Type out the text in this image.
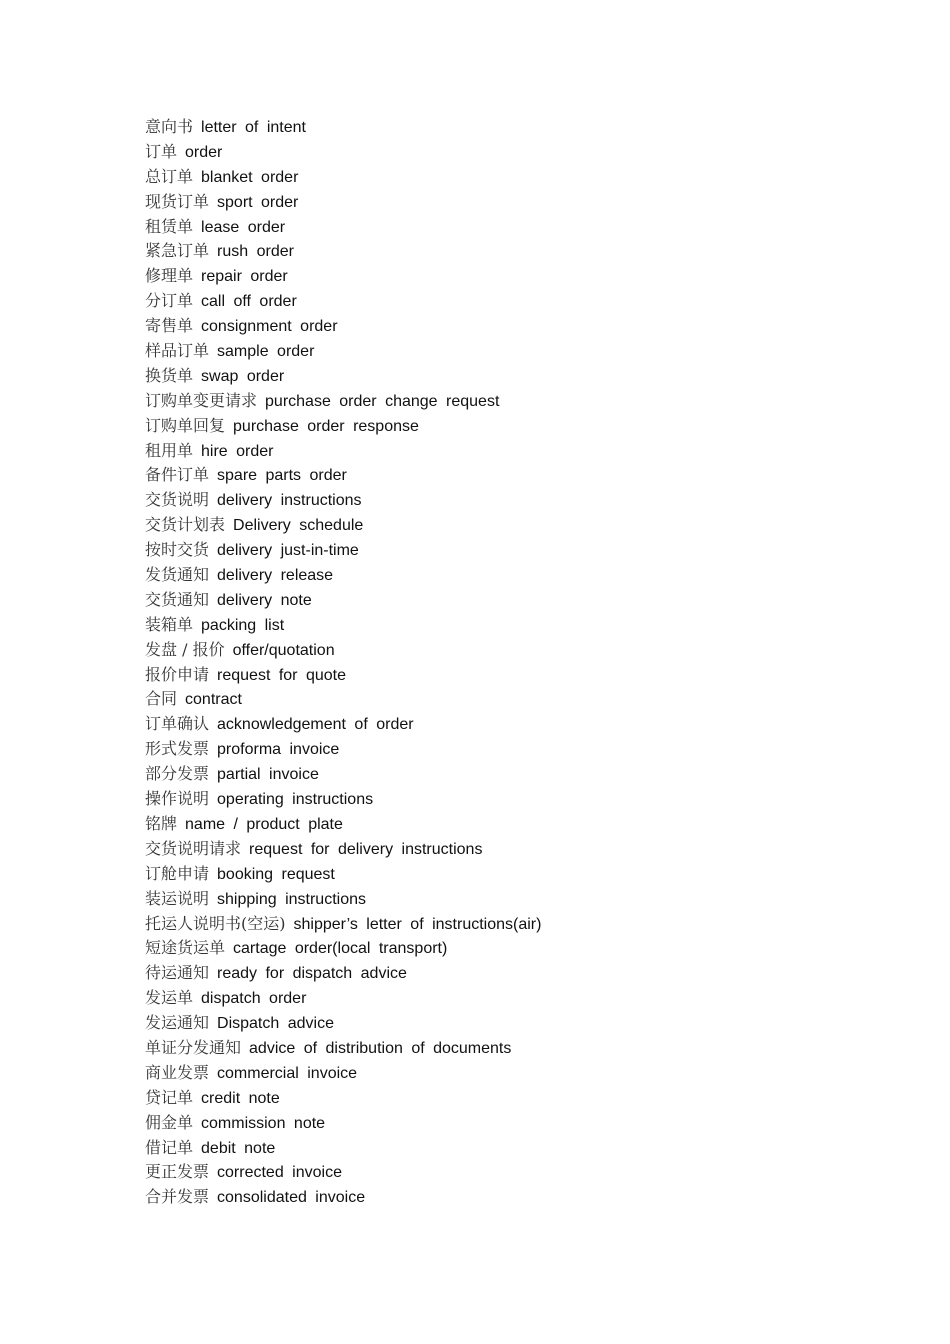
意向书 letter of intent
订单 order
总订单 blanket order
现货订单 sport order
租赁单 lease order
紧急订单 rush order
修理单 repair order
分订单 call off order
寄售单 consignment order
样品订单 sample order
换货单 swap order
订购单变更请求 purchase order change request
订购单回复 purchase order response
租用单 hire order
备件订单 spare parts order
交货说明 delivery instructions
交货计划表 Delivery schedule
按时交货 delivery just-in-time
发货通知 delivery release
交货通知 delivery note
装箱单 packing list
发盘 / 报价 offer/quotation
报价申请 request for quote
合同 contract
订单确认 acknowledgement of order
形式发票 proforma invoice
部分发票 partial invoice
操作说明 operating instructions
铭牌 name / product plate
交货说明请求 request for delivery instructions
订舱申请 booking request
装运说明 shipping instructions
托运人说明书(空运) shipper’s letter of instructions(air)
短途货运单 cartage order(local transport)
待运通知 ready for dispatch advice
发运单 dispatch order
发运通知 Dispatch advice
单证分发通知 advice of distribution of documents
商业发票 commercial invoice
贷记单 credit note
佣金单 commission note
借记单 debit note
更正发票 corrected invoice
合并发票 consolidated invoice
